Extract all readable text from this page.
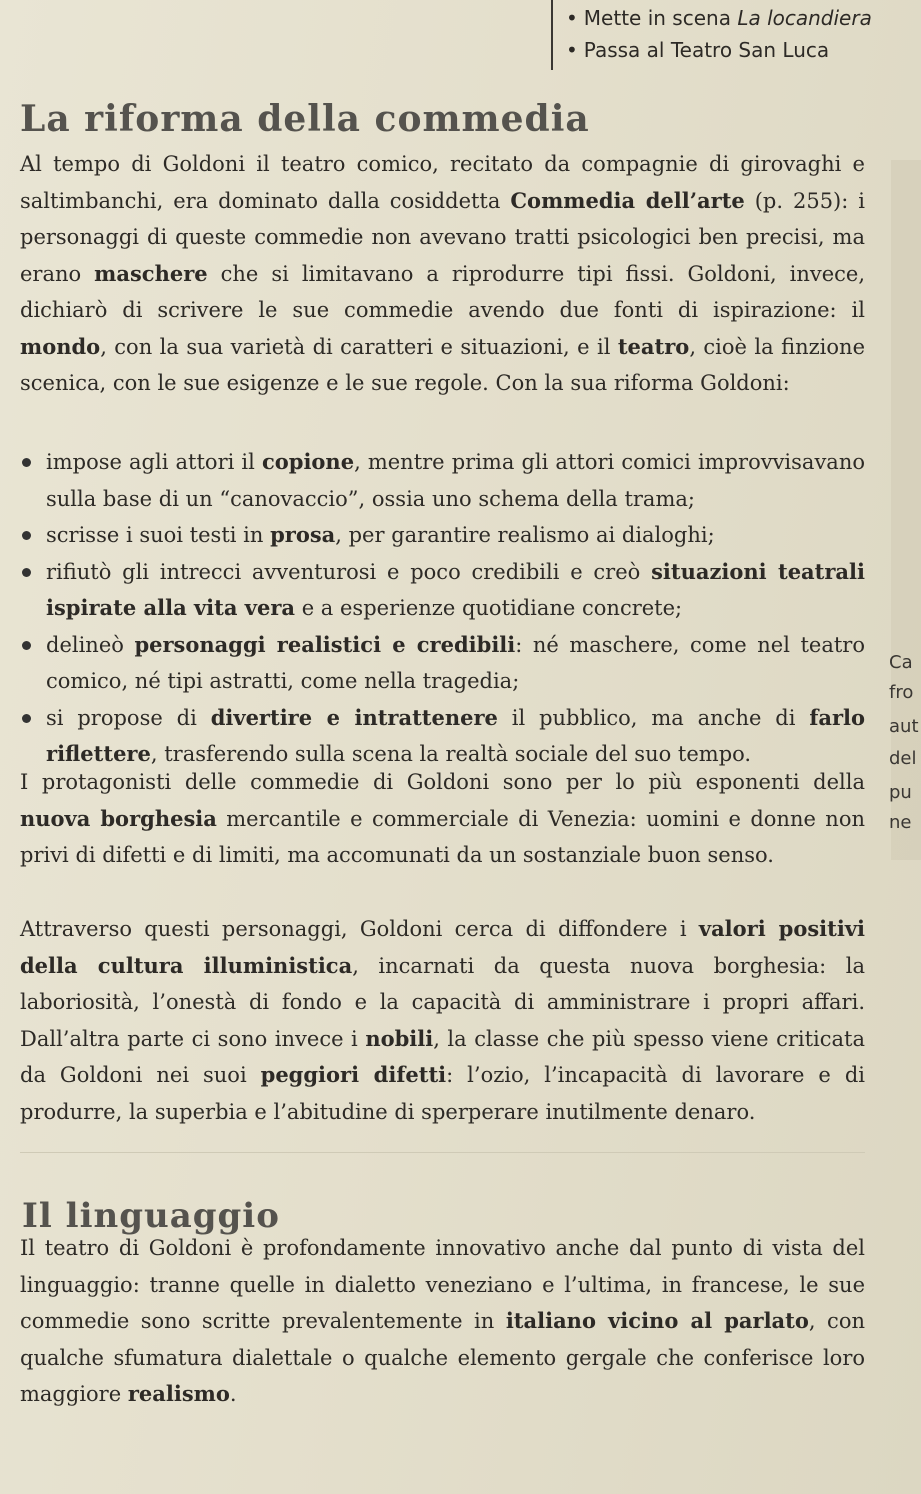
• Mette in scena La locandiera
• Passa al Teatro San Luca
La riforma della commedia

Al tempo di Goldoni il teatro comico, recitato da compagnie di girovaghi e saltimbanchi, era dominato dalla cosiddetta Commedia dell’arte (p. 255): i personaggi di queste commedie non avevano tratti psicologici ben precisi, ma erano maschere che si limitavano a riprodurre tipi fissi. Goldoni, invece, dichiarò di scrivere le sue commedie avendo due fonti di ispirazione: il mondo, con la sua varietà di caratteri e situazioni, e il teatro, cioè la finzione scenica, con le sue esigenze e le sue regole. Con la sua riforma Goldoni:

impose agli attori il copione, mentre prima gli attori comici improvvisavano sulla base di un “canovaccio”, ossia uno schema della trama;
scrisse i suoi testi in prosa, per garantire realismo ai dialoghi;
rifiutò gli intrecci avventurosi e poco credibili e creò situazioni teatrali ispirate alla vita vera e a esperienze quotidiane concrete;
delineò personaggi realistici e credibili: né maschere, come nel teatro comico, né tipi astratti, come nella tragedia;
si propose di divertire e intrattenere il pubblico, ma anche di farlo riflettere, trasferendo sulla scena la realtà sociale del suo tempo.

I protagonisti delle commedie di Goldoni sono per lo più esponenti della nuova borghesia mercantile e commerciale di Venezia: uomini e donne non privi di difetti e di limiti, ma accomunati da un sostanziale buon senso.

Attraverso questi personaggi, Goldoni cerca di diffondere i valori positivi della cultura illuministica, incarnati da questa nuova borghesia: la laboriosità, l’onestà di fondo e la capacità di amministrare i propri affari. Dall’altra parte ci sono invece i nobili, la classe che più spesso viene criticata da Goldoni nei suoi peggiori difetti: l’ozio, l’incapacità di lavorare e di produrre, la superbia e l’abitudine di sperperare inutilmente denaro.

Il linguaggio

Il teatro di Goldoni è profondamente innovativo anche dal punto di vista del linguaggio: tranne quelle in dialetto veneziano e l’ultima, in francese, le sue commedie sono scritte prevalentemente in italiano vicino al parlato, con qualche sfumatura dialettale o qualche elemento gergale che conferisce loro maggiore realismo.

Ca
fro
aut
del
pu
ne
